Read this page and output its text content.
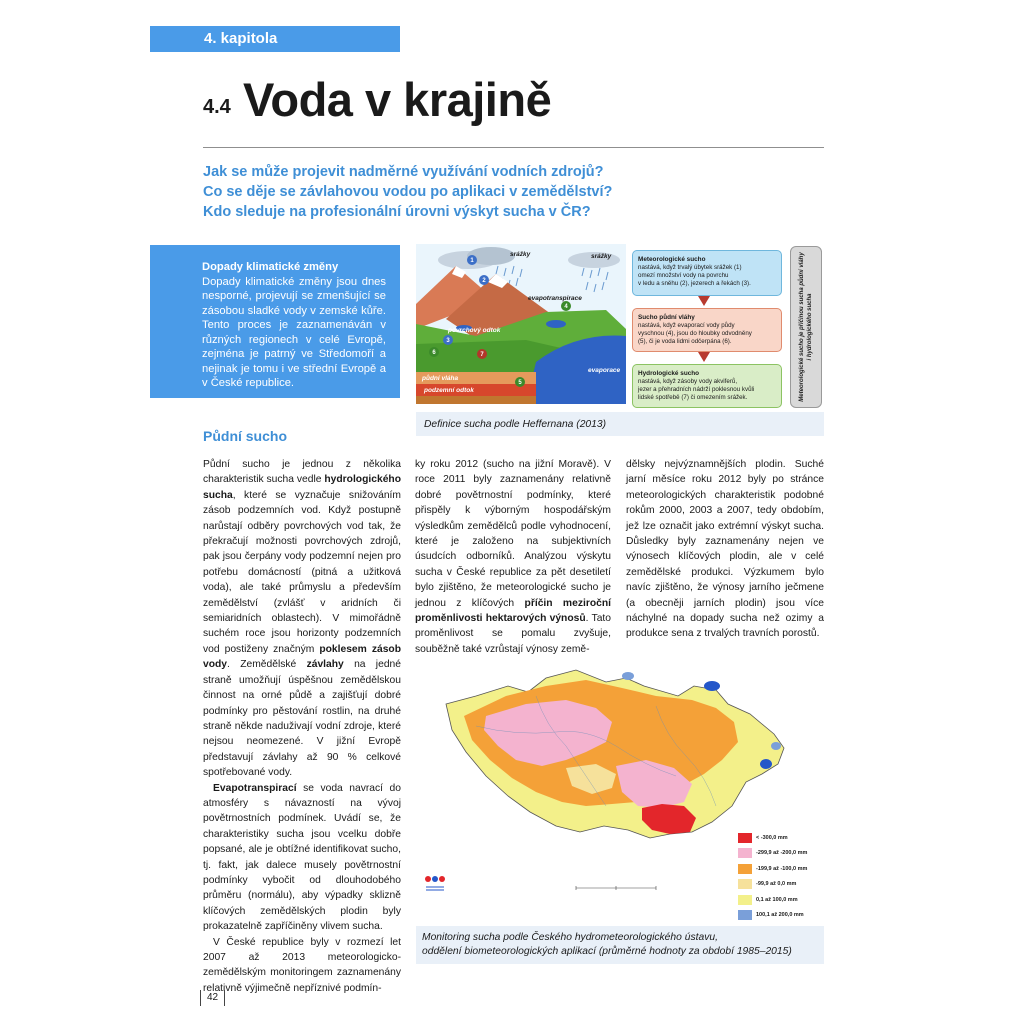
4. kapitola
4.4 Voda v krajině
Jak se může projevit nadměrné využívání vodních zdrojů?
Co se děje se závlahovou vodou po aplikaci v zemědělství?
Kdo sleduje na profesionální úrovni výskyt sucha v ČR?
Dopady klimatické změny
Dopady klimatické změny jsou dnes nesporné, projevují se zmenšující se zásobou sladké vody v zemské kůře. Tento proces je zaznamenáván v různých regionech v celé Evropě, zejména je patrný ve Středomoří a nejinak je tomu i ve střední Evropě a v České republice.
1
2
3
4
5
6	7
srážky	srážky
evapotranspirace
povrchový odtok
půdní vláha
podzemní odtok
evaporace
Meteorologické sucho
nastává, když trvalý úbytek srážek (1)
omezí množství vody na povrchu
v ledu a sněhu (2), jezerech a řekách (3).
Sucho půdní vláhy
nastává, když evaporací vody půdy
vyschnou (4), jsou do hloubky odvodněny
(5), či je voda lidmi odčerpána (6).
Hydrologické sucho
nastává, když zásoby vody akviferů,
jezer a přehradních nádrží poklesnou kvůli
lidské spotřebě (7) či omezením srážek.	Meteorologické sucho je příčinou sucha půdní vláhy i hydrologického sucha
Definice sucha podle Heffernana (2013)
Půdní sucho

Půdní sucho je jednou z několika charakteristik sucha vedle hydrologického sucha, které se vyznačuje snižováním zásob podzemních vod. Když postupně narůstají odběry povrchových vod tak, že překračují možnosti povrchových zdrojů, pak jsou čerpány vody podzemní nejen pro potřebu domácností (pitná a užitková voda), ale také průmyslu a především zemědělství (zvlášť v aridních či semiaridních oblastech). V mimořádně suchém roce jsou horizonty podzemních vod postiženy značným poklesem zásob vody. Zemědělské závlahy na jedné straně umožňují úspěšnou zemědělskou činnost na orné půdě a zajišťují dobré podmínky pro pěstování rostlin, na druhé straně někde naduživají vodní zdroje, které nejsou neomezené. V jižní Evropě představují závlahy až 90 % celkové spotřebované vody.

Evapotranspirací se voda navrací do atmosféry s návazností na vývoj povětrnostních podmínek. Uvádí se, že charakteristiky sucha jsou vcelku dobře popsané, ale je obtížné identifikovat sucho, tj. fakt, jak dalece musely povětrnostní podmínky vybočit od dlouhodobého průměru (normálu), aby výpadky sklizně klíčových zemědělských plodin byly prokazatelně zapříčiněny vlivem sucha.

V České republice byly v rozmezí let 2007 až 2013 meteorologicko-zemědělským monitoringem zaznamenány relativně výjimečně nepříznivé podmín-

ky roku 2012 (sucho na jižní Moravě). V roce 2011 byly zaznamenány relativně dobré povětrnostní podmínky, které přispěly k výborným hospodářským výsledkům zemědělců podle vyhodnocení, které je založeno na subjektivních úsudcích odborníků. Analýzou výskytu sucha v České republice za pět desetiletí bylo zjištěno, že meteorologické sucho je jednou z klíčových příčin meziroční proměnlivosti hektarových výnosů. Tato proměnlivost se pomalu zvyšuje, souběžně také vzrůstají výnosy země-

dělsky nejvýznamnějších plodin. Suché jarní měsíce roku 2012 byly po stránce meteorologických charakteristik podobné rokům 2000, 2003 a 2007, tedy obdobím, jež lze označit jako extrémní výskyt sucha. Důsledky byly zaznamenány nejen ve výnosech klíčových plodin, ale v celé zemědělské produkci. Výzkumem bylo navíc zjištěno, že výnosy jarního ječmene (a obecněji jarních plodin) jsou více náchylné na dopady sucha než ozimy a produkce sena z trvalých travních porostů.

< -300,0 mm
-299,9 až -200,0 mm
-199,9 až -100,0 mm
-99,9 až 0,0 mm
0,1 až 100,0 mm
100,1 až 200,0 mm
Monitoring sucha podle Českého hydrometeorologického ústavu,
oddělení biometeorologických aplikací (průměrné hodnoty za období 1985–2015)
42
